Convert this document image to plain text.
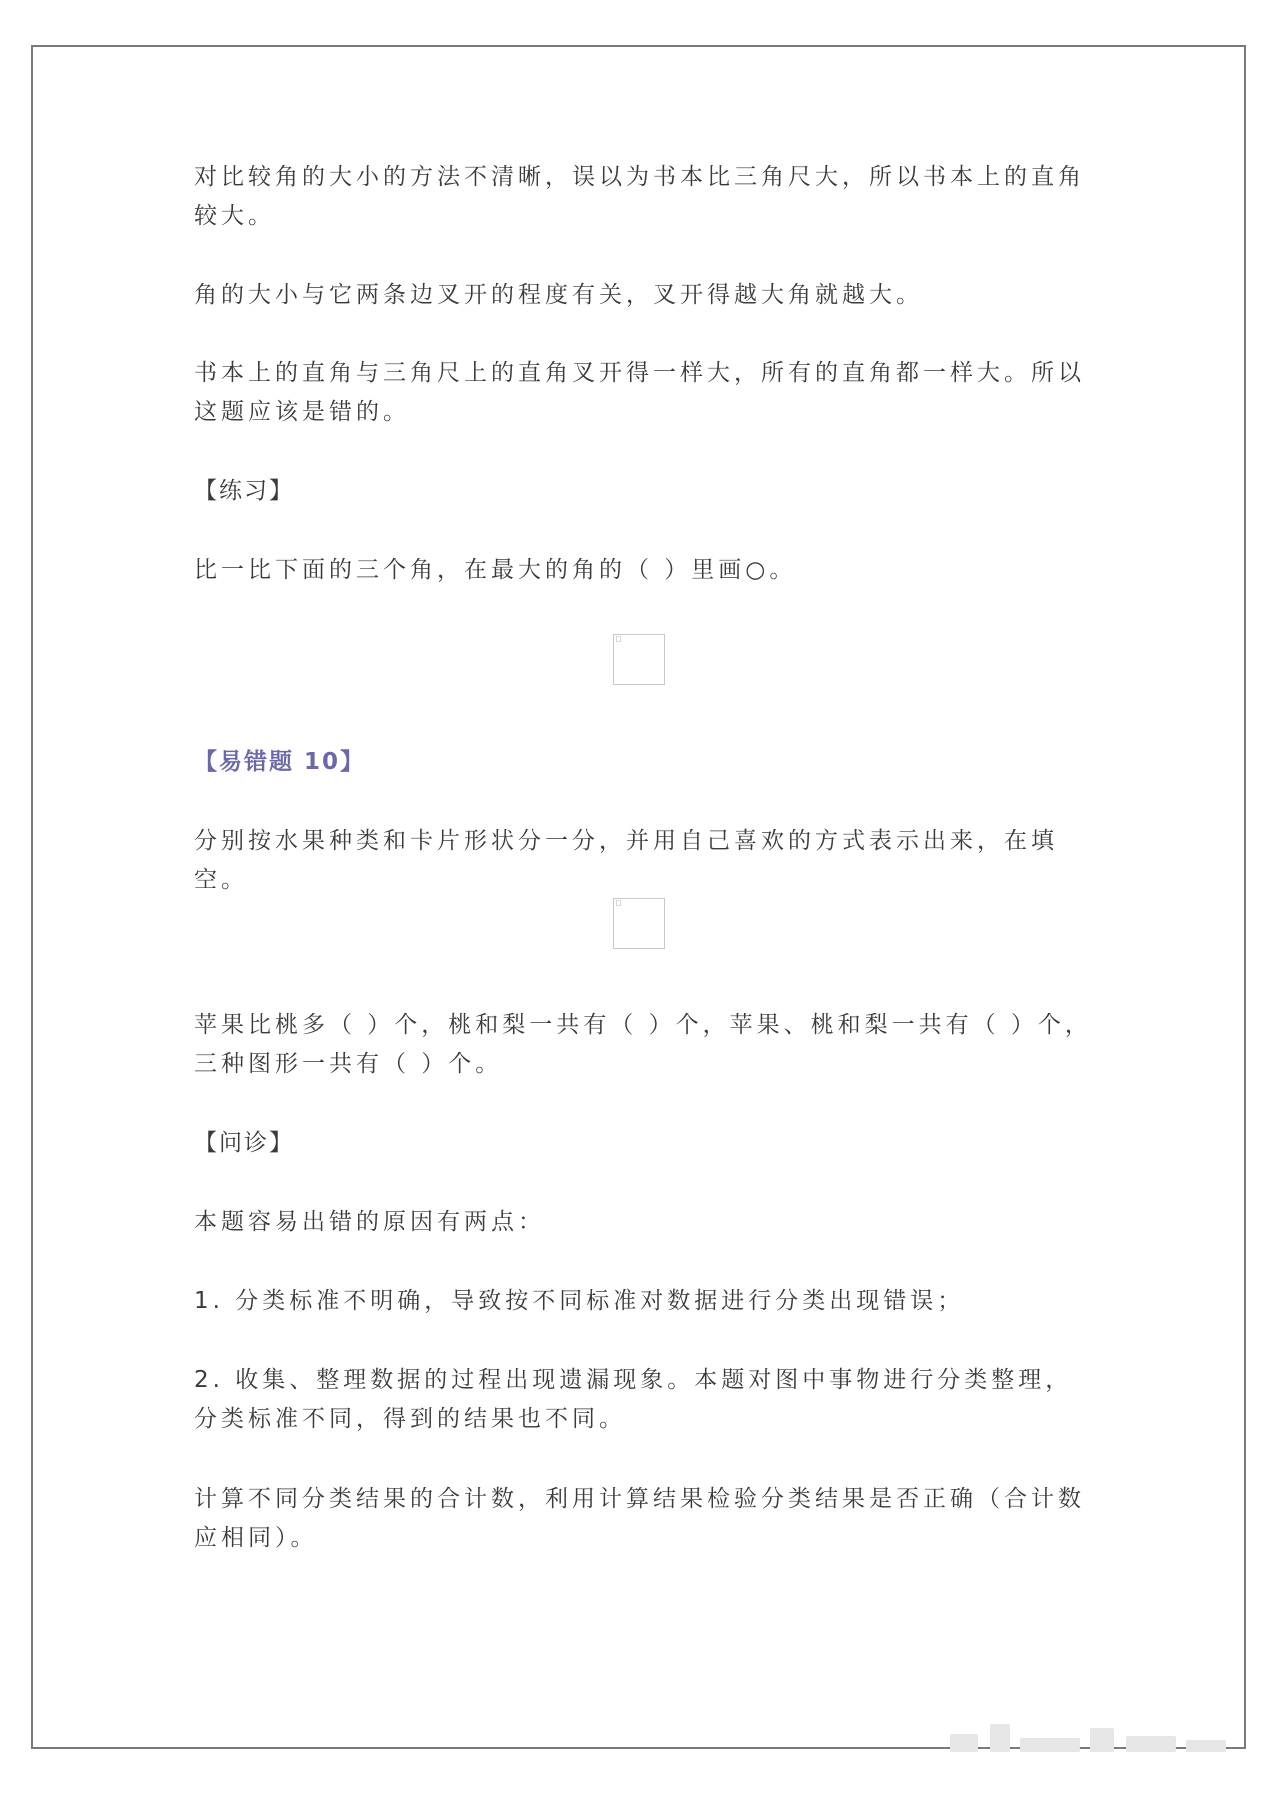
对比较角的大小的方法不清晰，误以为书本比三角尺大，所以书本上的直角较大。

角的大小与它两条边叉开的程度有关，叉开得越大角就越大。

书本上的直角与三角尺上的直角叉开得一样大，所有的直角都一样大。所以这题应该是错的。

【练习】

比一比下面的三个角，在最大的角的（ ）里画○。

【易错题 10】

分别按水果种类和卡片形状分一分，并用自己喜欢的方式表示出来，在填空。

苹果比桃多（ ）个，桃和梨一共有（ ）个，苹果、桃和梨一共有（ ）个，三种图形一共有（ ）个。

【问诊】

本题容易出错的原因有两点：

1. 分类标准不明确，导致按不同标准对数据进行分类出现错误；

2. 收集、整理数据的过程出现遗漏现象。本题对图中事物进行分类整理，分类标准不同，得到的结果也不同。

计算不同分类结果的合计数，利用计算结果检验分类结果是否正确（合计数应相同）。
